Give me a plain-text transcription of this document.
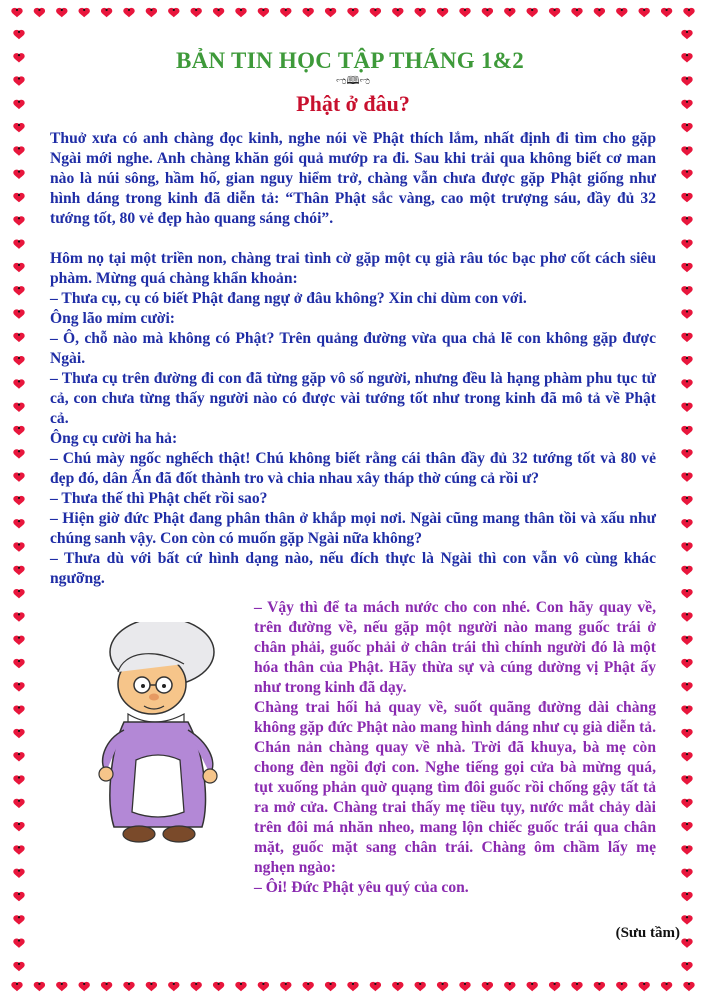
BẢN TIN HỌC TẬP THÁNG 1&2
ಌ🕮ಌ
Phật ở đâu?

Thuở xưa có anh chàng đọc kinh, nghe nói về Phật thích lắm, nhất định đi tìm cho gặp Ngài mới nghe. Anh chàng khăn gói quả mướp ra đi. Sau khi trải qua không biết cơ man nào là núi sông, hầm hố, gian nguy hiểm trở, chàng vẫn chưa được gặp Phật giống như hình dáng trong kinh đã diễn tả: “Thân Phật sắc vàng, cao một trượng sáu, đầy đủ 32 tướng tốt, 80 vẻ đẹp hào quang sáng chói”.

Hôm nọ tại một triền non, chàng trai tình cờ gặp một cụ già râu tóc bạc phơ cốt cách siêu phàm. Mừng quá chàng khẩn khoản:

– Thưa cụ, cụ có biết Phật đang ngự ở đâu không? Xin chỉ dùm con với.

Ông lão mỉm cười:

– Ô, chỗ nào mà không có Phật? Trên quảng đường vừa qua chả lẽ con không gặp được Ngài.

– Thưa cụ trên đường đi con đã từng gặp vô số người, nhưng đều là hạng phàm phu tục tử cả, con chưa từng thấy người nào có được vài tướng tốt như trong kinh đã mô tả về Phật cả.

Ông cụ cười ha hả:

– Chú mày ngốc nghếch thật! Chú không biết rằng cái thân đầy đủ 32 tướng tốt và 80 vẻ đẹp đó, dân Ấn đã đốt thành tro và chia nhau xây tháp thờ cúng cả rồi ư?

– Thưa thế thì Phật chết rồi sao?

– Hiện giờ đức Phật đang phân thân ở khắp mọi nơi. Ngài cũng mang thân tồi và xấu như chúng sanh vậy. Con còn có muốn gặp Ngài nữa không?

– Thưa dù với bất cứ hình dạng nào, nếu đích thực là Ngài thì con vẫn vô cùng khác ngưỡng.

– Vậy thì để ta mách nước cho con nhé. Con hãy quay về, trên đường về, nếu gặp một người nào mang guốc trái ở chân phải, guốc phải ở chân trái thì chính người đó là một hóa thân của Phật. Hãy thừa sự và cúng dường vị Phật ấy như trong kinh đã dạy.

Chàng trai hối hả quay về, suốt quãng đường dài chàng không gặp đức Phật nào mang hình dáng như cụ già diễn tả. Chán nản chàng quay về nhà. Trời đã khuya, bà mẹ còn chong đèn ngồi đợi con. Nghe tiếng gọi cửa bà mừng quá, tụt xuống phản quờ quạng tìm đôi guốc rồi chống gậy tất tả ra mở cửa. Chàng trai thấy mẹ tiều tụy, nước mắt chảy dài trên đôi má nhăn nheo, mang lộn chiếc guốc trái qua chân mặt, guốc mặt sang chân trái. Chàng ôm chầm lấy mẹ nghẹn ngào:

– Ôi! Đức Phật yêu quý của con.

(Sưu tầm)
